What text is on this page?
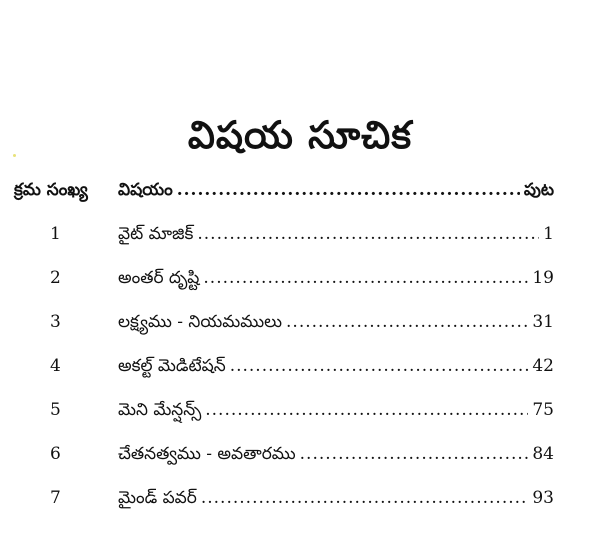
విషయ సూచిక
క్రమ సంఖ్య	విషయం .....	పుట
1	వైట్ మాజిక్ .....	1
2	అంతర్ దృష్టి .....	19
3	లక్ష్యము - నియమములు .....	31
4	అకల్ట్ మెడిటేషన్ .....	42
5	మెని మేన్షన్స్ .....	75
6	చేతనత్వము - అవతారము .....	84
7	మైండ్ పవర్ .....	93
